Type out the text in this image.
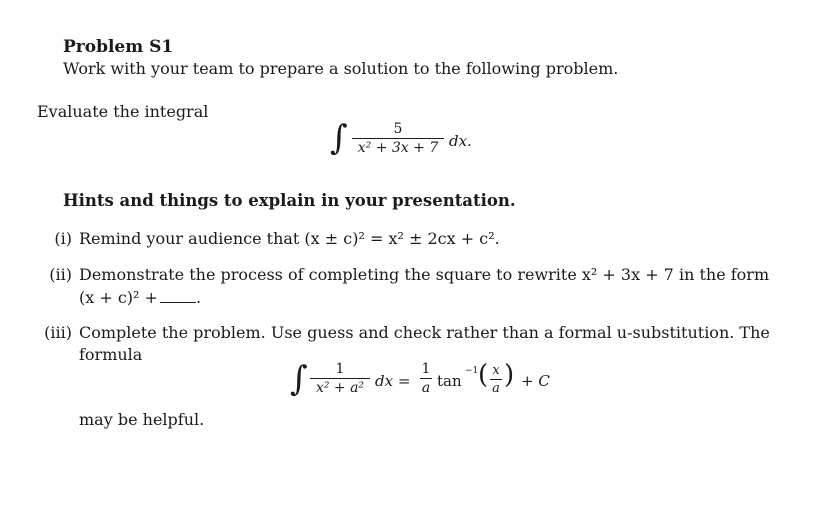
Problem S1
Work with your team to prepare a solution to the following problem.
Evaluate the integral
∫	5
x² + 3x + 7 dx.
Hints and things to explain in your presentation.
(i) Remind your audience that (x ± c)² = x² ± 2cx + c².
(ii) Demonstrate the process of completing the square to rewrite x² + 3x + 7 in the form
(x + c)² + .
(iii) Complete the problem. Use guess and check rather than a formal u-substitution. The
formula
∫	1
x² + a² dx =
1
a tan
−1 ( x
a ) + C
may be helpful.
